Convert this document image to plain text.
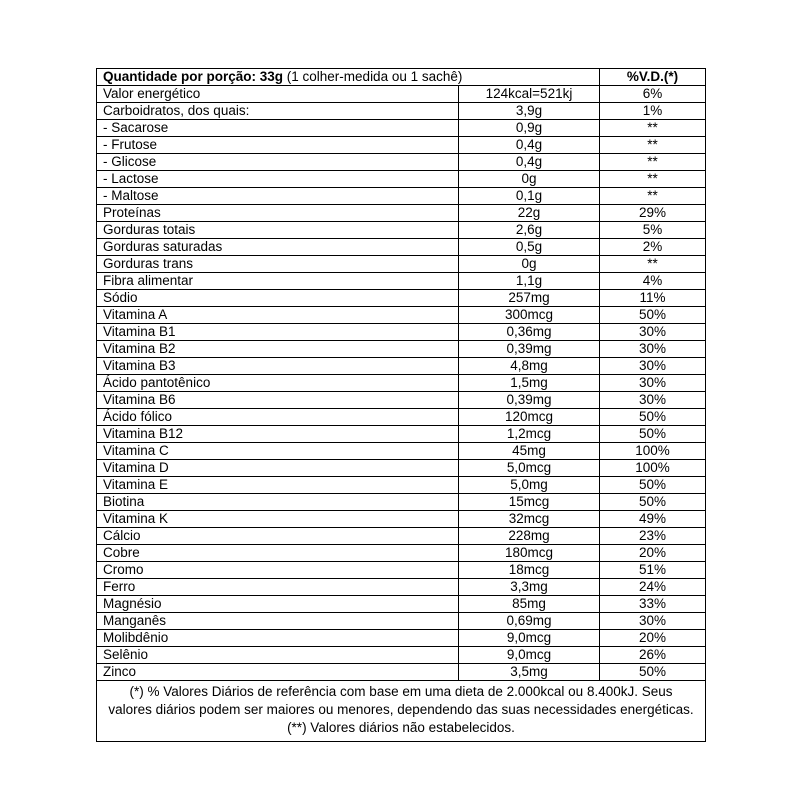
Quantidade por porção: 33g (1 colher-medida ou 1 sachê)		%V.D.(*)
Valor energético	124kcal=521kj	6%
Carboidratos, dos quais:	3,9g	1%
- Sacarose	0,9g	**
- Frutose	0,4g	**
- Glicose	0,4g	**
- Lactose	0g	**
- Maltose	0,1g	**
Proteínas	22g	29%
Gorduras totais	2,6g	5%
Gorduras saturadas	0,5g	2%
Gorduras trans	0g	**
Fibra alimentar	1,1g	4%
Sódio	257mg	11%
Vitamina A	300mcg	50%
Vitamina B1	0,36mg	30%
Vitamina B2	0,39mg	30%
Vitamina B3	4,8mg	30%
Ácido pantotênico	1,5mg	30%
Vitamina B6	0,39mg	30%
Ácido fólico	120mcg	50%
Vitamina B12	1,2mcg	50%
Vitamina C	45mg	100%
Vitamina D	5,0mcg	100%
Vitamina E	5,0mg	50%
Biotina	15mcg	50%
Vitamina K	32mcg	49%
Cálcio	228mg	23%
Cobre	180mcg	20%
Cromo	18mcg	51%
Ferro	3,3mg	24%
Magnésio	85mg	33%
Manganês	0,69mg	30%
Molibdênio	9,0mcg	20%
Selênio	9,0mcg	26%
Zinco	3,5mg	50%
(*) % Valores Diários de referência com base em uma dieta de 2.000kcal ou 8.400kJ. Seus valores diários podem ser maiores ou menores, dependendo das suas necessidades energéticas. (**) Valores diários não estabelecidos.		
